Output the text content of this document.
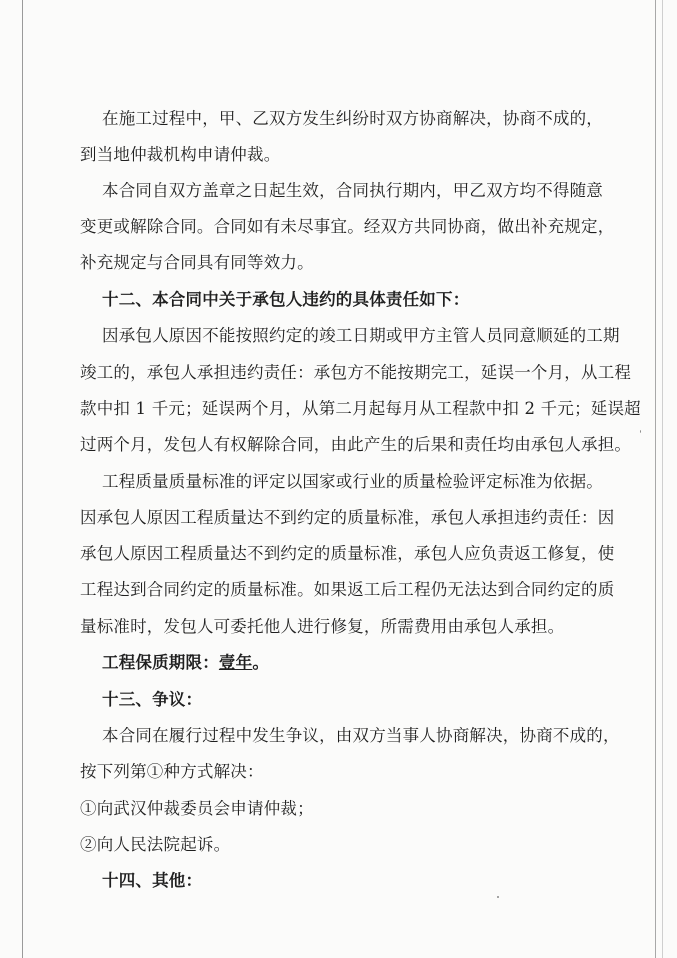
在施工过程中，甲、乙双方发生纠纷时双方协商解决，协商不成的，
到当地仲裁机构申请仲裁。
本合同自双方盖章之日起生效，合同执行期内，甲乙双方均不得随意
变更或解除合同。合同如有未尽事宜。经双方共同协商，做出补充规定，
补充规定与合同具有同等效力。
十二、本合同中关于承包人违约的具体责任如下：
因承包人原因不能按照约定的竣工日期或甲方主管人员同意顺延的工期
竣工的，承包人承担违约责任：承包方不能按期完工，延误一个月，从工程
款中扣 1 千元；延误两个月，从第二月起每月从工程款中扣 2 千元；延误超
过两个月，发包人有权解除合同，由此产生的后果和责任均由承包人承担。
工程质量质量标准的评定以国家或行业的质量检验评定标准为依据。
因承包人原因工程质量达不到约定的质量标准，承包人承担违约责任：因
承包人原因工程质量达不到约定的质量标准，承包人应负责返工修复，使
工程达到合同约定的质量标准。如果返工后工程仍无法达到合同约定的质
量标准时，发包人可委托他人进行修复，所需费用由承包人承担。
工程保质期限：壹年。
十三、争议：
本合同在履行过程中发生争议，由双方当事人协商解决，协商不成的，
按下列第①种方式解决：
①向武汉仲裁委员会申请仲裁；
②向人民法院起诉。
十四、其他：
